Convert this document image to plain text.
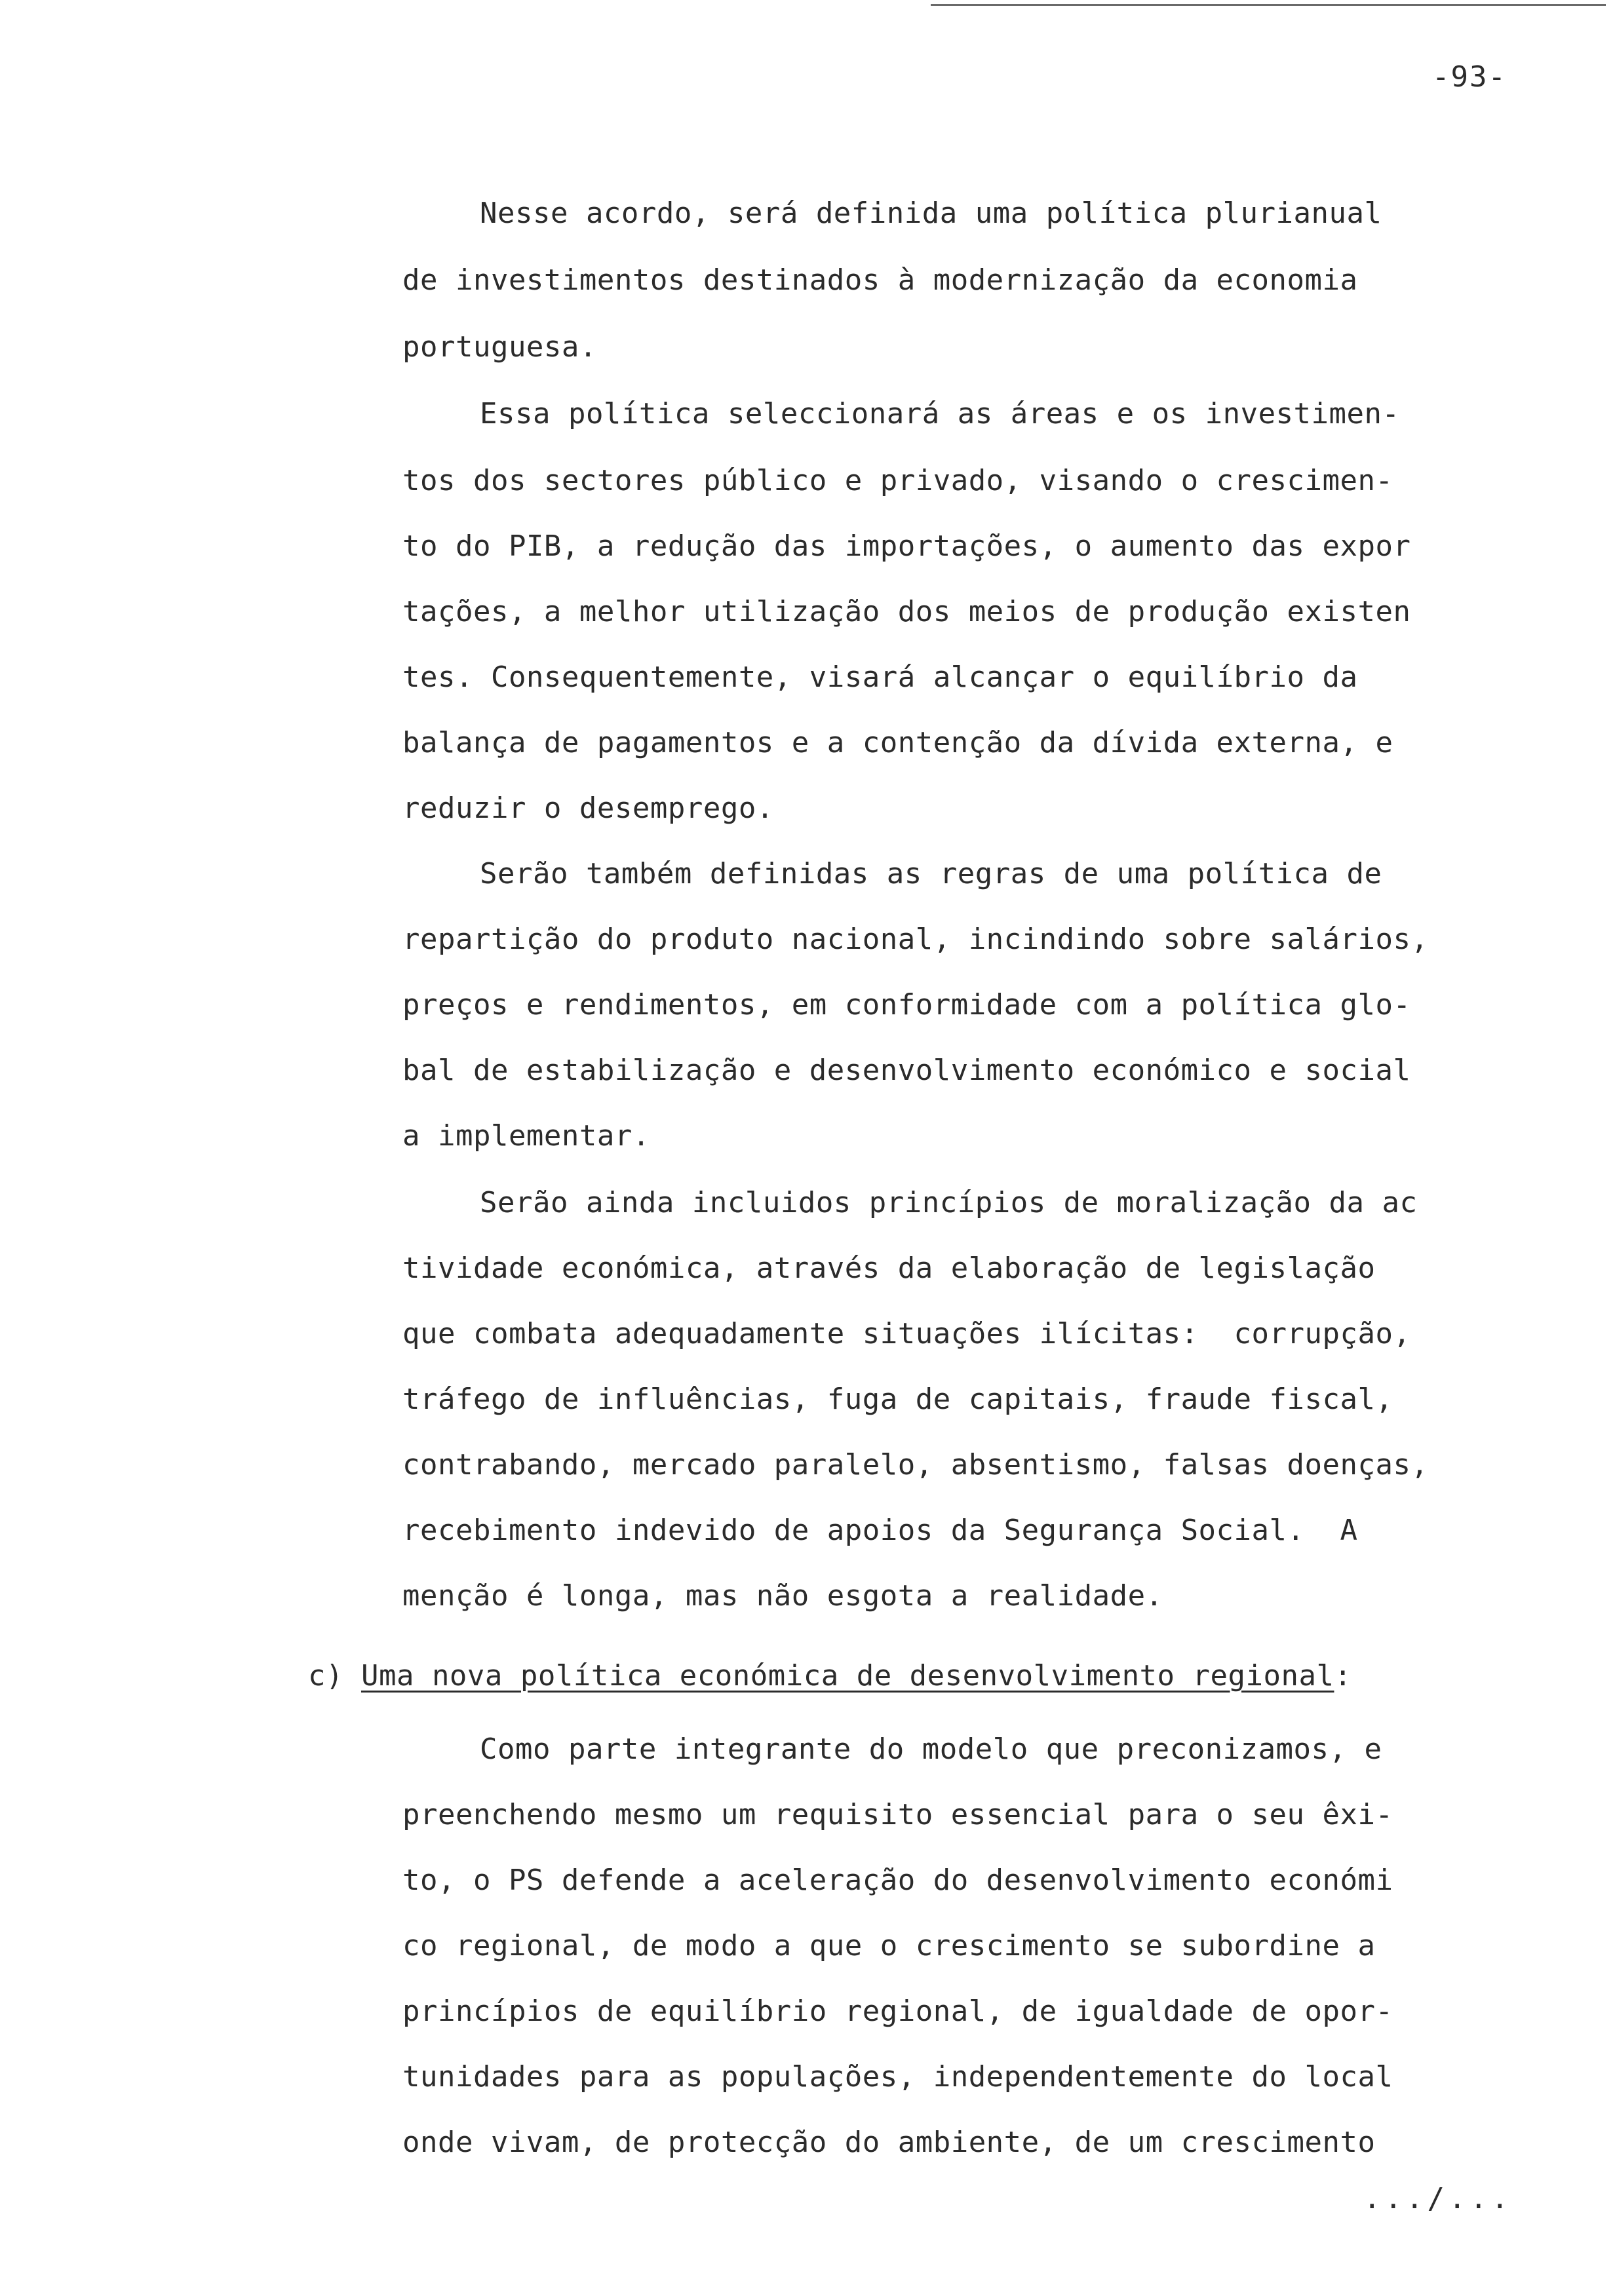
-93-
Nesse acordo, será definida uma política plurianual
de investimentos destinados à modernização da economia
portuguesa.
Essa política seleccionará as áreas e os investimen-
tos dos sectores público e privado, visando o crescimen-
to do PIB, a redução das importações, o aumento das expor
tações, a melhor utilização dos meios de produção existen
tes. Consequentemente, visará alcançar o equilíbrio da
balança de pagamentos e a contenção da dívida externa, e
reduzir o desemprego.
Serão também definidas as regras de uma política de
repartição do produto nacional, incindindo sobre salários,
preços e rendimentos, em conformidade com a política glo-
bal de estabilização e desenvolvimento económico e social
a implementar.
Serão ainda incluidos princípios de moralização da ac
tividade económica, através da elaboração de legislação
que combata adequadamente situações ilícitas:  corrupção,
tráfego de influências, fuga de capitais, fraude fiscal,
contrabando, mercado paralelo, absentismo, falsas doenças,
recebimento indevido de apoios da Segurança Social.  A
menção é longa, mas não esgota a realidade.
c) Uma nova política económica de desenvolvimento regional:
Como parte integrante do modelo que preconizamos, e
preenchendo mesmo um requisito essencial para o seu êxi-
to, o PS defende a aceleração do desenvolvimento económi
co regional, de modo a que o crescimento se subordine a
princípios de equilíbrio regional, de igualdade de opor-
tunidades para as populações, independentemente do local
onde vivam, de protecção do ambiente, de um crescimento
.../...
